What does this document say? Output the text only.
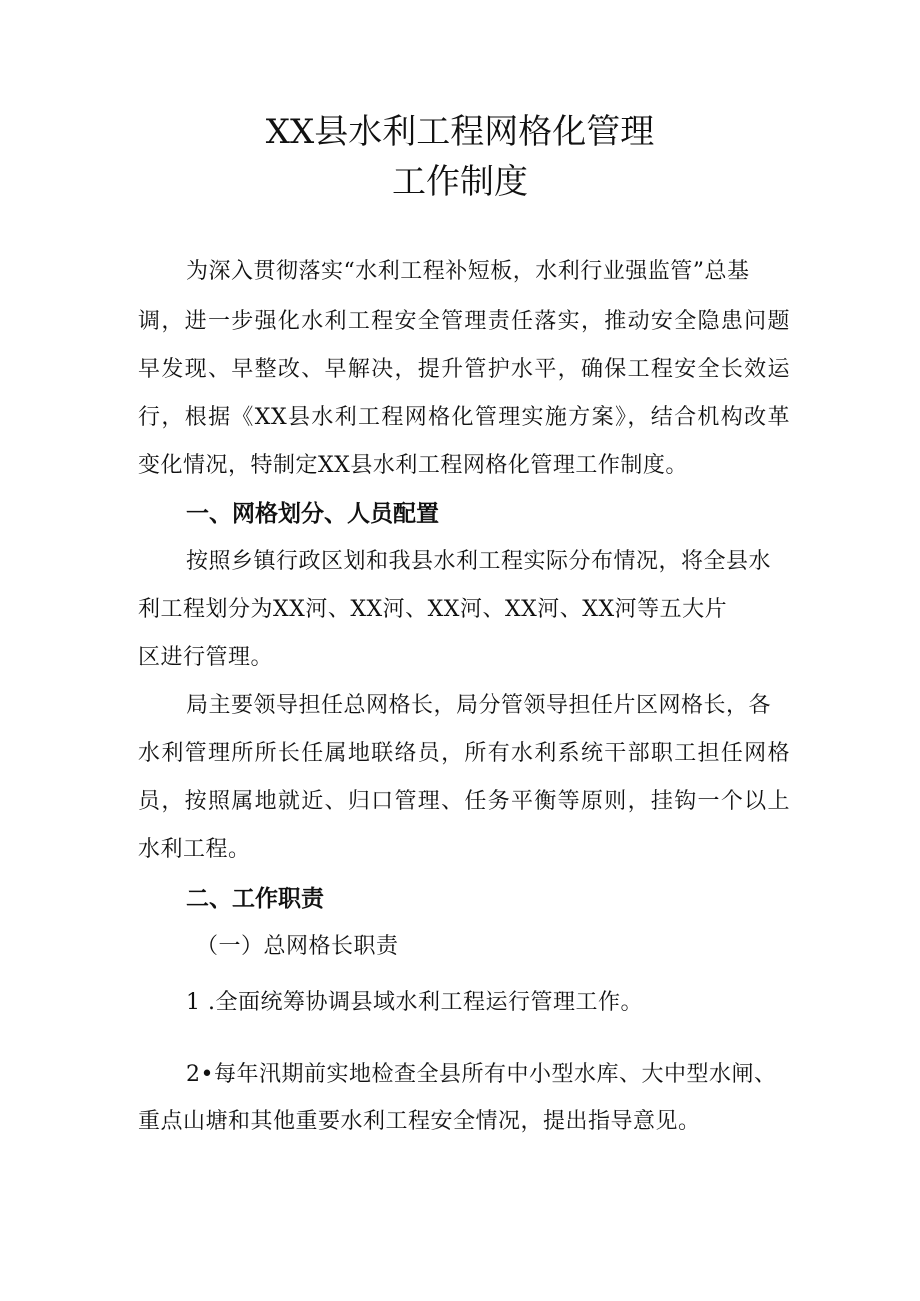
XX县水利工程网格化管理
工作制度
为深入贯彻落实“水利工程补短板，水利行业强监管”总基
调，进一步强化水利工程安全管理责任落实，推动安全隐患问题
早发现、早整改、早解决，提升管护水平，确保工程安全长效运
行，根据《XX县水利工程网格化管理实施方案》，结合机构改革
变化情况，特制定XX县水利工程网格化管理工作制度。
一、网格划分、人员配置
按照乡镇行政区划和我县水利工程实际分布情况，将全县水
利工程划分为XX河、XX河、XX河、XX河、XX河等五大片
区进行管理。
局主要领导担任总网格长，局分管领导担任片区网格长，各
水利管理所所长任属地联络员，所有水利系统干部职工担任网格
员，按照属地就近、归口管理、任务平衡等原则，挂钩一个以上
水利工程。
二、工作职责
（一）总网格长职责
1 .全面统筹协调县域水利工程运行管理工作。
2•每年汛期前实地检查全县所有中小型水库、大中型水闸、
重点山塘和其他重要水利工程安全情况，提出指导意见。
